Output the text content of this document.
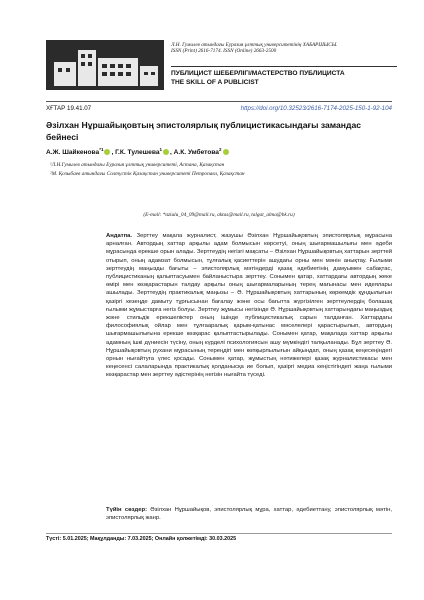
Л.Н. Гумилев атындағы Еуразия ұлттық университетінің ХАБАРШЫСЫ.
ISSN (Print) 2616-7174. ISSN (Online) 2663-2500
ПУБЛИЦИСТ ШЕБЕРЛІГІ/МАСТЕРСТВО ПУБЛИЦИСТА
THE SKILL OF A PUBLICIST
ХҒТАР 19.41.07	https://doi.org/10.32523/2616-7174-2025-150-1-92-104
Әзілхан Нұршайықовтың эпистолярлық публицистикасындағы замандас бейнесі
А.Ж. Шайкенова$^{*1}$ , Г.К. Тулешева$^1$ , А.К. Умбетова$^2$
¹Л.Н.Гумилев атындағы Еуразия ұлттық университеті, Астана, Қазақстан
²М. Қозыбаев атындағы Солтүстік Қазақстан университеті Петропавл, Қазақстан
(E-mail: *aziulu_04_09@mail.ru, aktas@mail.ru, talgat_alma@bk.ru)
Андатпа. Зерттеу мақала журналист, жазушы Әзілхан Нұршайықовтың эпистолярлық мұрасына арналған. Автордың хаттар арқылы адам болмысын көрсетуі, оның шығармашылығы мен әдеби мұрасында ерекше орын алады. Зерттеудің негізгі мақсаты – Әзілхан Нұршайықовтың хаттарын зерттей отырып, оның адамзат болмысын, тұлғалық қасиеттерін ашудағы орны мен мәнін анықтау. Ғылыми зерттеудің маңызды бағыты – эпистолярлық мәтіндерді қазақ әдебиетінің дамуымен сабақтас, публицистиканың қалыптасуымен байланыстыра зерттеу. Сонымен қатар, хаттардағы автордың жеке өмірі мен көзқарастарын талдау арқылы оның шығармаларының терең мағынасы мен идеялары ашылады. Зерттеудің практикалық маңызы – Ә. Нұршайықовтың хаттарының көркемдік құндылығын қазіргі кезеңде дамыту тұрғысынан бағалау және осы бағытта жүргізілген зерттеулердің болашақ ғылыми жұмыстарға негіз болуы. Зерттеу жұмысы негізінде Ә. Нұршайықовтың хаттарындағы маңыздық және стильдік ерекшеліктер оның ішінде публицистикалық сарын талданған. Хаттардағы философиялық ойлар мен тұлғааралық қарым-қатынас мәселелері қарастырылып, автордың шығармашылығына ерекше көзқарас қалыптастырылады. Сонымен қатар, мақалада хаттар арқылы адамның ішкі дүниесін түсіну, оның күрделі психологиясын ашу мүмкіндігі талқыланады. Бұл зерттеу Ә. Нұршайықовтың рухани мұрасының тереңдігі мен көпқырлылығын айқындап, оның қазақ кеңесеңіндегі орнын нығайтуға үлес қосады. Сонымен қатар, жұмыстың нәтижелері қазақ журналистикасы мен кеңесенсі салаларында практикалық қолданысқа ие болып, қазіргі медиа кеңістігіндегі жаңа ғылыми көзқарастар мен зерттеу әдістерінің негізін нығайта түседі.
Түйін сөздер: Әзілхан Нұршайықов, эпистолярлық мұра, хаттар, әдебиеттану, эпистолярлық мәтін, эпистолярлық жанр.
Түсті: 5.01.2025; Мақұлданды: 7.03.2025; Онлайн қолжетімді: 30.03.2025
